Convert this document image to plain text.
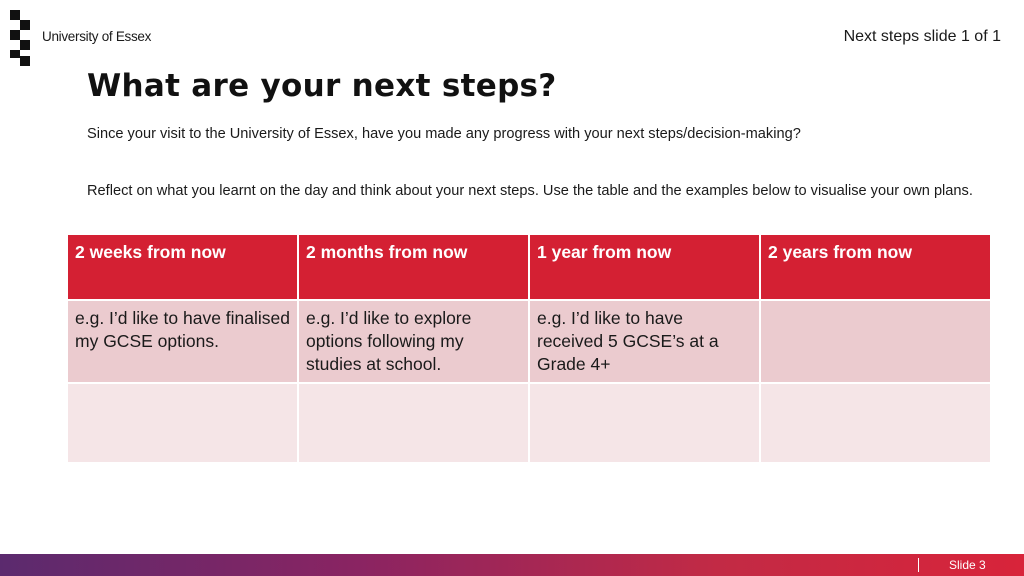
University of Essex	Next steps slide 1 of 1
What are your next steps?

Since your visit to the University of Essex, have you made any progress with your next steps/decision-making?

Reflect on what you learnt on the day and think about your next steps. Use the table and the examples below to visualise your own plans.

2 weeks from now	2 months from now	1 year from now	2 years from now
e.g. I’d like to have finalised my GCSE options.	e.g. I’d like to explore options following my studies at school.	e.g. I’d like to have received 5 GCSE’s at a Grade 4+	

Slide 3
